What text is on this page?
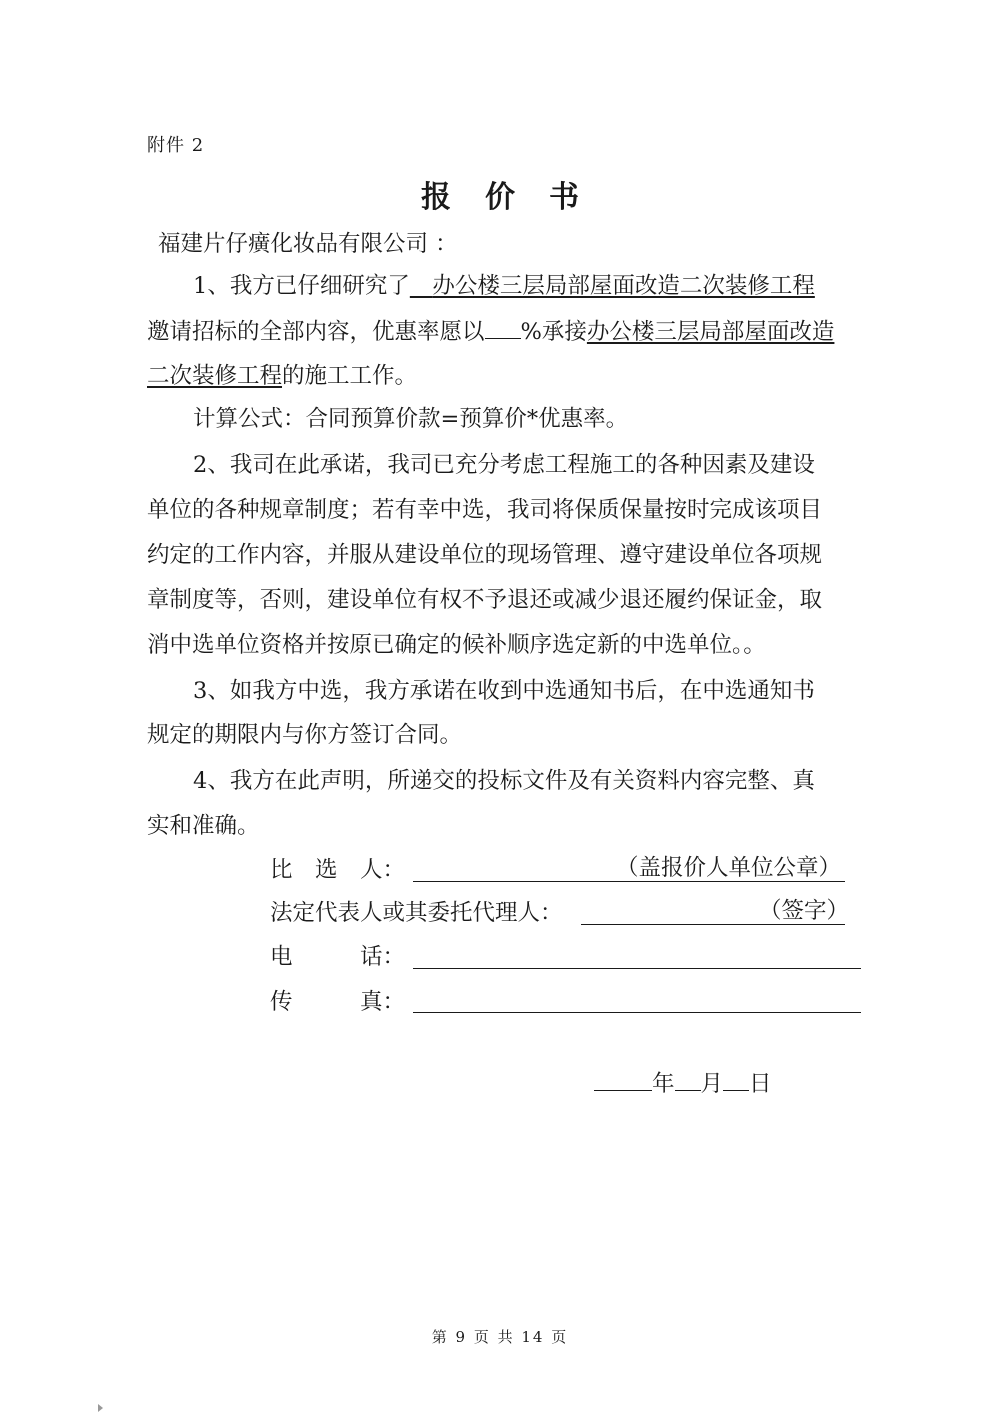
附件 2
报价书
福建片仔癀化妆品有限公司 ：
1、我方已仔细研究了  办公楼三层局部屋面改造二次装修工程
邀请招标的全部内容，优惠率愿以 %承接办公楼三层局部屋面改造
二次装修工程的施工工作。
计算公式：合同预算价款=预算价*优惠率。
2、我司在此承诺，我司已充分考虑工程施工的各种因素及建设
单位的各种规章制度；若有幸中选，我司将保质保量按时完成该项目
约定的工作内容，并服从建设单位的现场管理、遵守建设单位各项规
章制度等，否则，建设单位有权不予退还或减少退还履约保证金，取
消中选单位资格并按原已确定的候补顺序选定新的中选单位。。
3、如我方中选，我方承诺在收到中选通知书后，在中选通知书
规定的期限内与你方签订合同。
4、我方在此声明，所递交的投标文件及有关资料内容完整、真
实和准确。
比　选　人：	（盖报价人单位公章）
法定代表人或其委托代理人：	（签字）
电　　　话：
传　　　真：
年 月 日
第 9 页 共 14 页
